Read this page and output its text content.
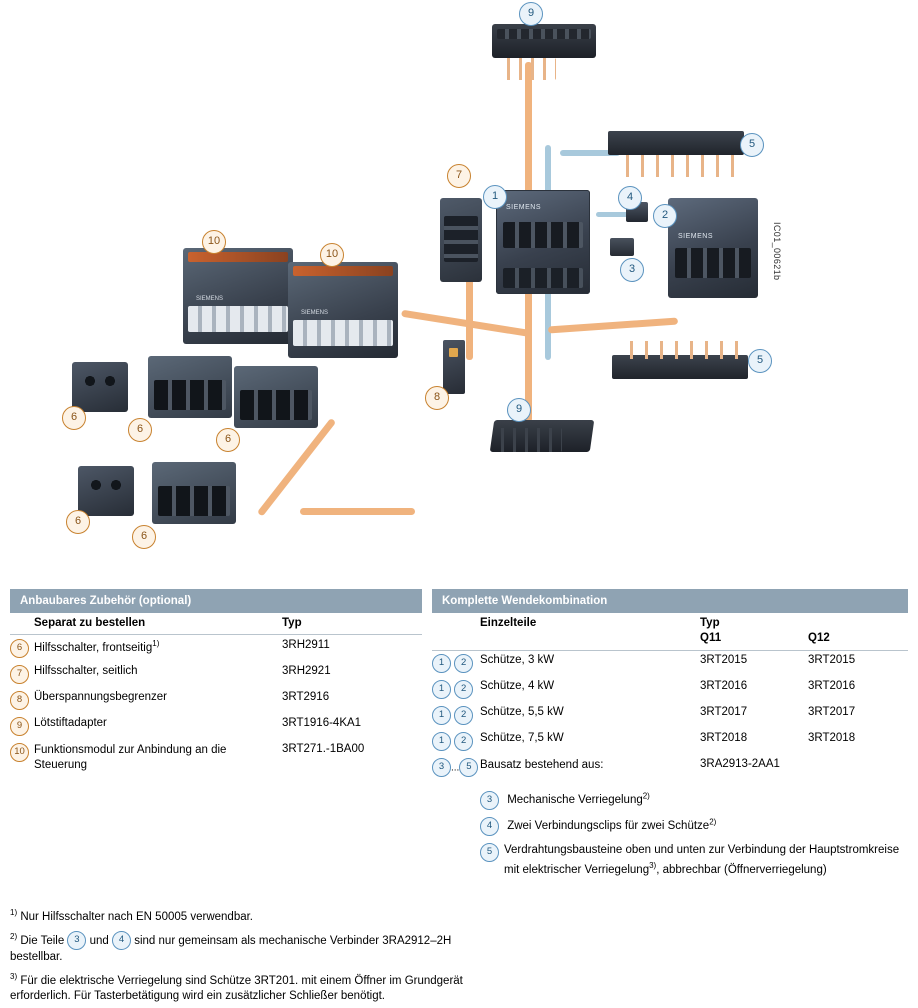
SIEMENS
SIEMENS
SIEMENS
SIEMENS
IC01_00621b
9
5
7
1	4
2
3
10
10
5
8
9
6
6
6
6
6
Anbaubares Zubehör (optional)
	Separat zu bestellen	Typ

6	Hilfsschalter, frontseitig$^{1)}$	3RH2911
7	Hilfsschalter, seitlich	3RH2921
8	Überspannungsbegrenzer	3RT2916
9	Lötstiftadapter	3RT1916-4KA1
10	Funktionsmodul zur Anbindung an die Steuerung	3RT271.-1BA00
Komplette Wendekombination
	Einzelteile	Typ	
		Q11	Q12

1 2	Schütze, 3 kW	3RT2015	3RT2015
1 2	Schütze, 4 kW	3RT2016	3RT2016
1 2	Schütze, 5,5 kW	3RT2017	3RT2017
1 2	Schütze, 7,5 kW	3RT2018	3RT2018
3 ... 5	Bausatz bestehend aus:	3RA2913-2AA1	
	3 Mechanische Verriegelung$^{2)}$
	4 Zwei Verbindungsclips für zwei Schütze$^{2)}$

	5 Verdrahtungsbausteine oben und unten zur Verbindung der Hauptstromkreise mit elektrischer Verriegelung$^{3)}$, abbrechbar (Öffnerverriegelung)		

$^{1)}$ Nur Hilfsschalter nach EN 50005 verwendbar.

$^{2)}$ Die Teile 3 und 4 sind nur gemeinsam als mechanische Verbinder 3RA2912–2H bestellbar.

$^{3)}$ Für die elektrische Verriegelung sind Schütze 3RT201. mit einem Öffner im Grundgerät erforderlich. Für Tasterbetätigung wird ein zusätzlicher Schließer benötigt.
